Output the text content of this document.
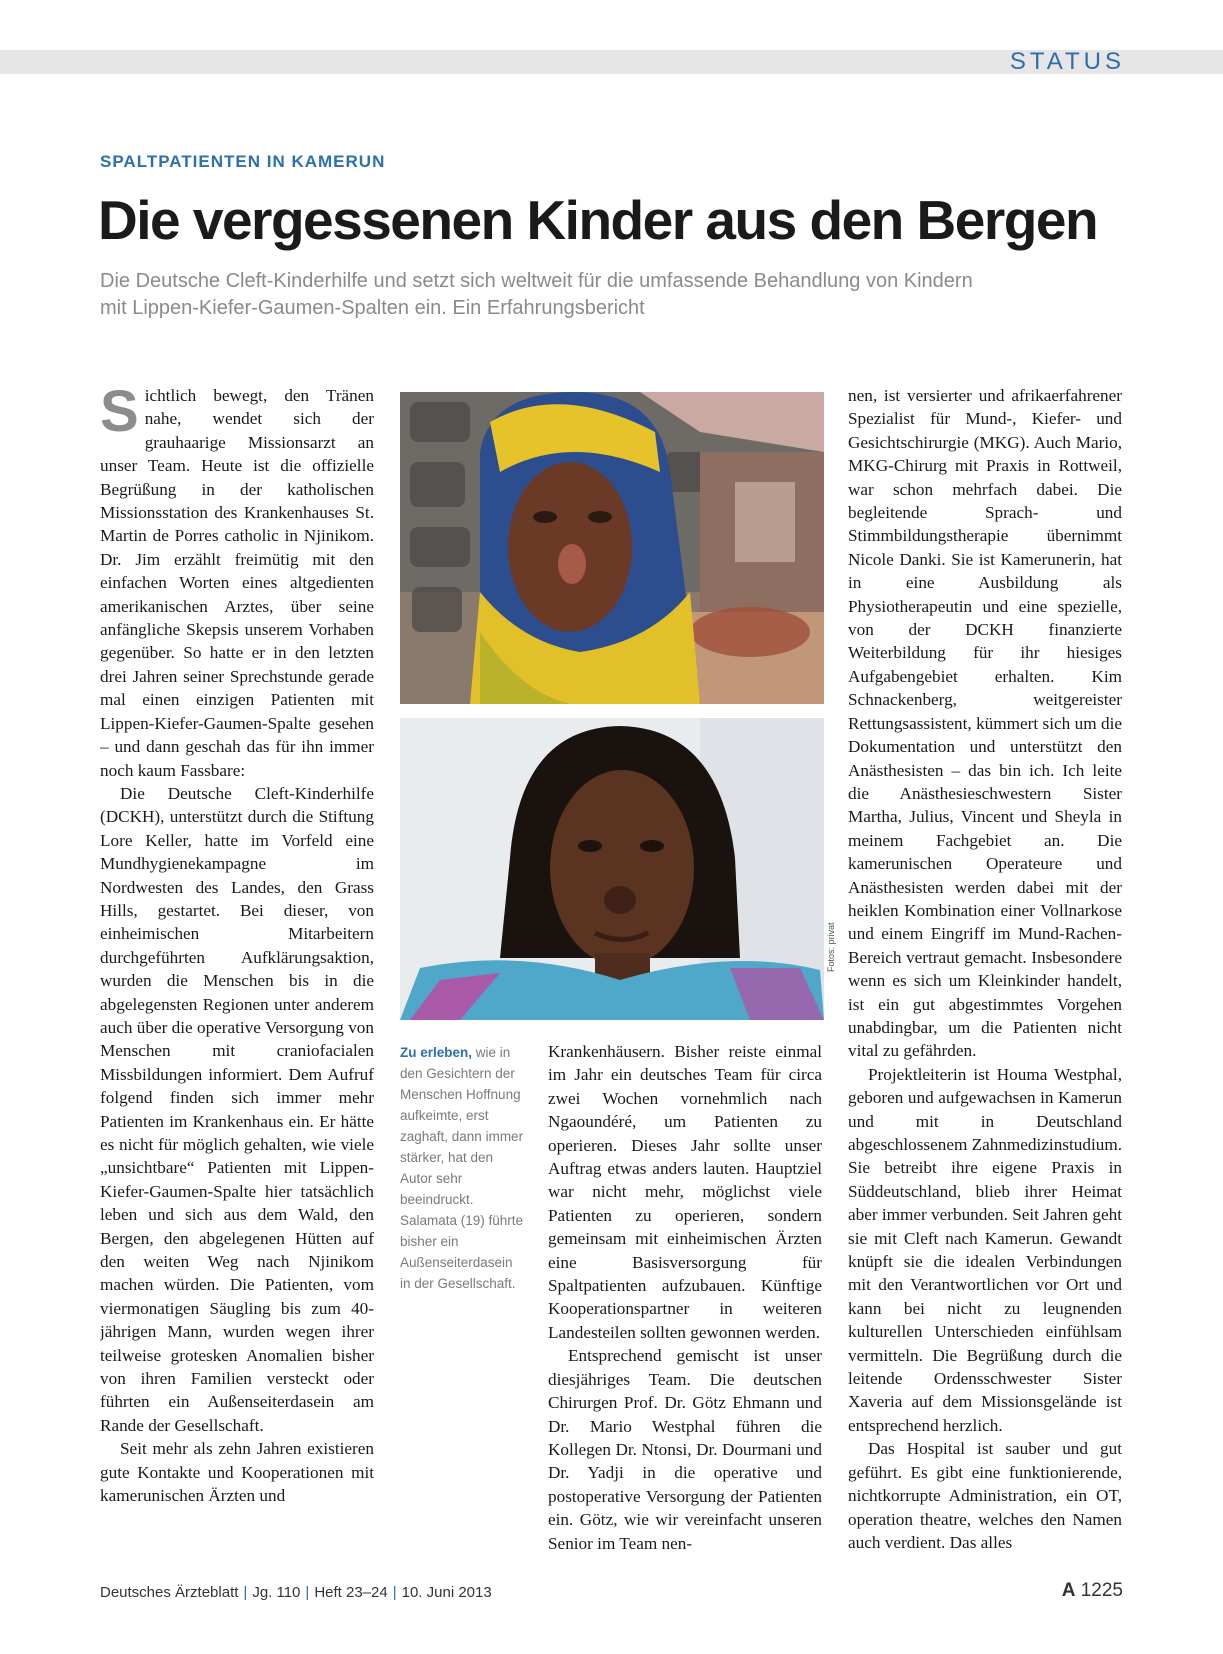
STATUS
SPALTPATIENTEN IN KAMERUN
Die vergessenen Kinder aus den Bergen
Die Deutsche Cleft-Kinderhilfe und setzt sich weltweit für die umfassende Behandlung von Kindern mit Lippen-Kiefer-Gaumen-Spalten ein. Ein Erfahrungsbericht
S ichtlich bewegt, den Tränen nahe, wendet sich der grauhaarige Missionsarzt an unser Team. Heute ist die offizielle Begrüßung in der katholischen Missionsstation des Krankenhauses St. Martin de Porres catholic in Njinikom. Dr. Jim erzählt freimütig mit den einfachen Worten eines altgedienten amerikanischen Arztes, über seine anfängliche Skepsis unserem Vorhaben gegenüber. So hatte er in den letzten drei Jahren seiner Sprechstunde gerade mal einen einzigen Patienten mit Lippen-Kiefer-Gaumen-Spalte gesehen – und dann geschah das für ihn immer noch kaum Fassbare:

Die Deutsche Cleft-Kinderhilfe (DCKH), unterstützt durch die Stiftung Lore Keller, hatte im Vorfeld eine Mundhygienekampagne im Nordwesten des Landes, den Grass Hills, gestartet. Bei dieser, von einheimischen Mitarbeitern durchgeführten Aufklärungsaktion, wurden die Menschen bis in die abgelegensten Regionen unter anderem auch über die operative Versorgung von Menschen mit craniofacialen Missbildungen informiert. Dem Aufruf folgend finden sich immer mehr Patienten im Krankenhaus ein. Er hätte es nicht für möglich gehalten, wie viele „unsichtbare“ Patienten mit Lippen-Kiefer-Gaumen-Spalte hier tatsächlich leben und sich aus dem Wald, den Bergen, den abgelegenen Hütten auf den weiten Weg nach Njinikom machen würden. Die Patienten, vom viermonatigen Säugling bis zum 40-jährigen Mann, wurden wegen ihrer teilweise grotesken Anomalien bisher von ihren Familien versteckt oder führten ein Außenseiterdasein am Rande der Gesellschaft.

Seit mehr als zehn Jahren existieren gute Kontakte und Kooperationen mit kamerunischen Ärzten und

Fotos: privat
Zu erleben, wie in den Gesichtern der Menschen Hoffnung aufkeimte, erst zaghaft, dann immer stärker, hat den Autor sehr beeindruckt. Salamata (19) führte bisher ein Außenseiterdasein in der Gesellschaft.

Krankenhäusern. Bisher reiste einmal im Jahr ein deutsches Team für circa zwei Wochen vornehmlich nach Ngaoundéré, um Patienten zu operieren. Dieses Jahr sollte unser Auftrag etwas anders lauten. Hauptziel war nicht mehr, möglichst viele Patienten zu operieren, sondern gemeinsam mit einheimischen Ärzten eine Basisversorgung für Spaltpatienten aufzubauen. Künftige Kooperationspartner in weiteren Landesteilen sollten gewonnen werden.

Entsprechend gemischt ist unser diesjähriges Team. Die deutschen Chirurgen Prof. Dr. Götz Ehmann und Dr. Mario Westphal führen die Kollegen Dr. Ntonsi, Dr. Dourmani und Dr. Yadji in die operative und postoperative Versorgung der Patienten ein. Götz, wie wir vereinfacht unseren Senior im Team nen-

nen, ist versierter und afrikaerfahrener Spezialist für Mund-, Kiefer- und Gesichtschirurgie (MKG). Auch Mario, MKG-Chirurg mit Praxis in Rottweil, war schon mehrfach dabei. Die begleitende Sprach- und Stimmbildungstherapie übernimmt Nicole Danki. Sie ist Kamerunerin, hat in eine Ausbildung als Physiotherapeutin und eine spezielle, von der DCKH finanzierte Weiterbildung für ihr hiesiges Aufgabengebiet erhalten. Kim Schnackenberg, weitgereister Rettungsassistent, kümmert sich um die Dokumentation und unterstützt den Anästhesisten – das bin ich. Ich leite die Anästhesieschwestern Sister Martha, Julius, Vincent und Sheyla in meinem Fachgebiet an. Die kamerunischen Operateure und Anästhesisten werden dabei mit der heiklen Kombination einer Vollnarkose und einem Eingriff im Mund-Rachen-Bereich vertraut gemacht. Insbesondere wenn es sich um Kleinkinder handelt, ist ein gut abgestimmtes Vorgehen unabdingbar, um die Patienten nicht vital zu gefährden.

Projektleiterin ist Houma Westphal, geboren und aufgewachsen in Kamerun und mit in Deutschland abgeschlossenem Zahnmedizinstudium. Sie betreibt ihre eigene Praxis in Süddeutschland, blieb ihrer Heimat aber immer verbunden. Seit Jahren geht sie mit Cleft nach Kamerun. Gewandt knüpft sie die idealen Verbindungen mit den Verantwortlichen vor Ort und kann bei nicht zu leugnenden kulturellen Unterschieden einfühlsam vermitteln. Die Begrüßung durch die leitende Ordensschwester Sister Xaveria auf dem Missionsgelände ist entsprechend herzlich.

Das Hospital ist sauber und gut geführt. Es gibt eine funktionierende, nichtkorrupte Administration, ein OT, operation theatre, welches den Namen auch verdient. Das alles

Deutsches Ärzteblatt | Jg. 110 | Heft 23–24 | 10. Juni 2013	A 1225
